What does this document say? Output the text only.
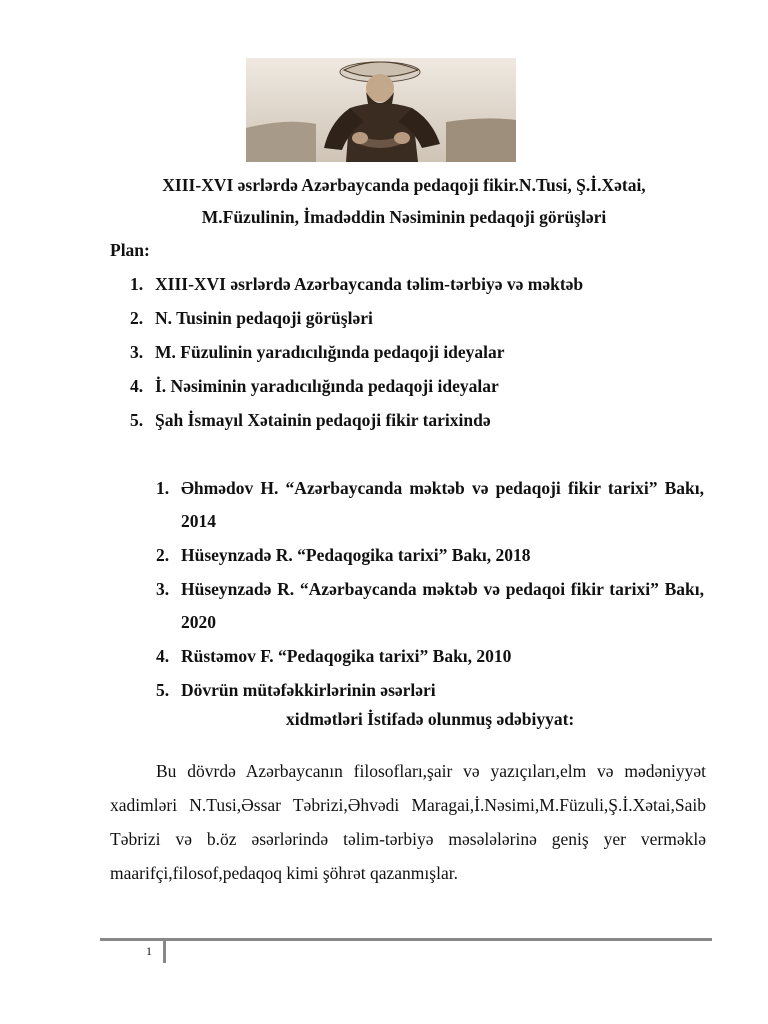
XIII-XVI əsrlərdə Azərbaycanda pedaqoji fikir.N.Tusi, Ş.İ.Xətai,
M.Füzulinin, İmadəddin Nəsiminin pedaqoji görüşləri
Plan:
1. XIII-XVI əsrlərdə Azərbaycanda təlim-tərbiyə və məktəb
2. N. Tusinin pedaqoji görüşləri
3. M. Füzulinin yaradıcılığında pedaqoji ideyalar
4. İ. Nəsiminin yaradıcılığında pedaqoji ideyalar
5. Şah İsmayıl Xətainin pedaqoji fikir tarixində
xidmətləri İstifadə olunmuş ədəbiyyat:
1. Əhmədov H. “Azərbaycanda məktəb və pedaqoji fikir tarixi” Bakı, 2014
2. Hüseynzadə R. “Pedaqogika tarixi” Bakı, 2018
3. Hüseynzadə R. “Azərbaycanda məktəb və pedaqoi fikir tarixi” Bakı, 2020
4. Rüstəmov F. “Pedaqogika tarixi” Bakı, 2010
5. Dövrün mütəfəkkirlərinin əsərləri

Bu dövrdə Azərbaycanın filosofları,şair və yazıçıları,elm və mədəniyyət xadimləri N.Tusi,Əssar Təbrizi,Əhvədi Maragai,İ.Nəsimi,M.Füzuli,Ş.İ.Xətai,Saib Təbrizi və b.öz əsərlərində təlim-tərbiyə məsələlərinə geniş yer verməklə maarifçi,filosof,pedaqoq kimi şöhrət qazanmışlar.

1
